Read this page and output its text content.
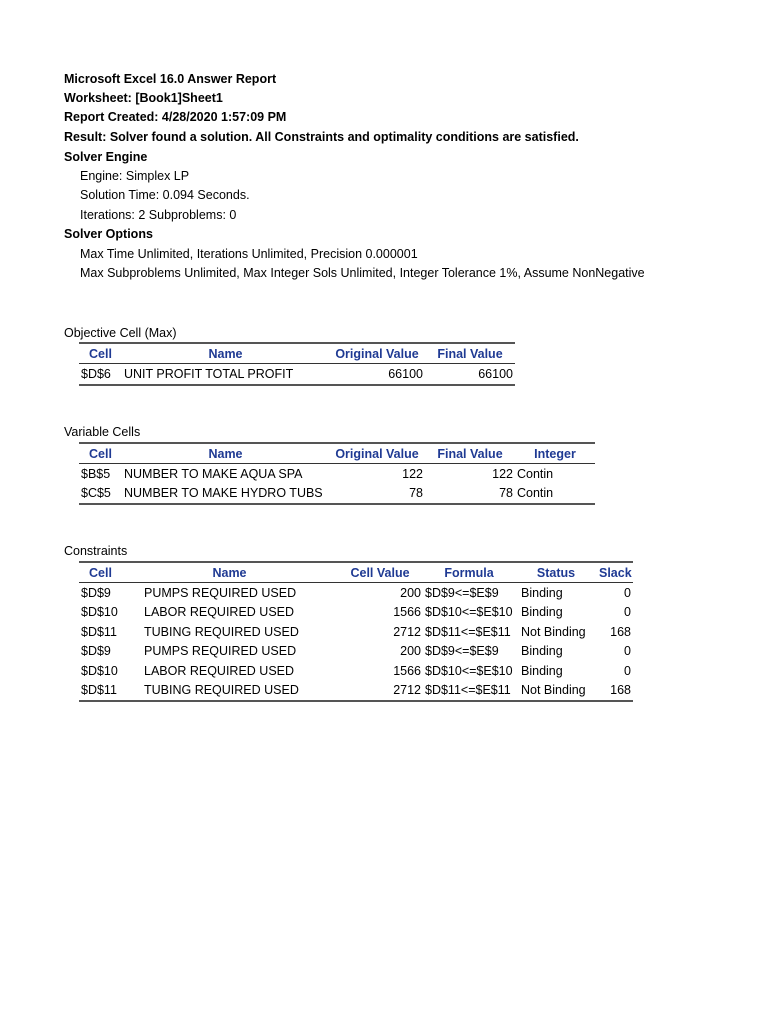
Microsoft Excel 16.0 Answer Report
Worksheet: [Book1]Sheet1
Report Created: 4/28/2020 1:57:09 PM
Result: Solver found a solution. All Constraints and optimality conditions are satisfied.
Solver Engine
Engine: Simplex LP
Solution Time: 0.094 Seconds.
Iterations: 2 Subproblems: 0
Solver Options
Max Time Unlimited, Iterations Unlimited, Precision 0.000001
Max Subproblems Unlimited, Max Integer Sols Unlimited, Integer Tolerance 1%, Assume NonNegative
Objective Cell (Max)
Cell	Name	Original Value	Final Value
$D$6	UNIT PROFIT TOTAL PROFIT	66100	66100
Variable Cells
Cell	Name	Original Value	Final Value	Integer
$B$5	NUMBER TO MAKE AQUA SPA	122	122	Contin
$C$5	NUMBER TO MAKE HYDRO TUBS	78	78	Contin
Constraints
Cell	Name	Cell Value	Formula	Status	Slack
$D$9	PUMPS REQUIRED USED	200	$D$9<=$E$9	Binding	0
$D$10	LABOR REQUIRED USED	1566	$D$10<=$E$10	Binding	0
$D$11	TUBING REQUIRED USED	2712	$D$11<=$E$11	Not Binding	168
$D$9	PUMPS REQUIRED USED	200	$D$9<=$E$9	Binding	0
$D$10	LABOR REQUIRED USED	1566	$D$10<=$E$10	Binding	0
$D$11	TUBING REQUIRED USED	2712	$D$11<=$E$11	Not Binding	168
